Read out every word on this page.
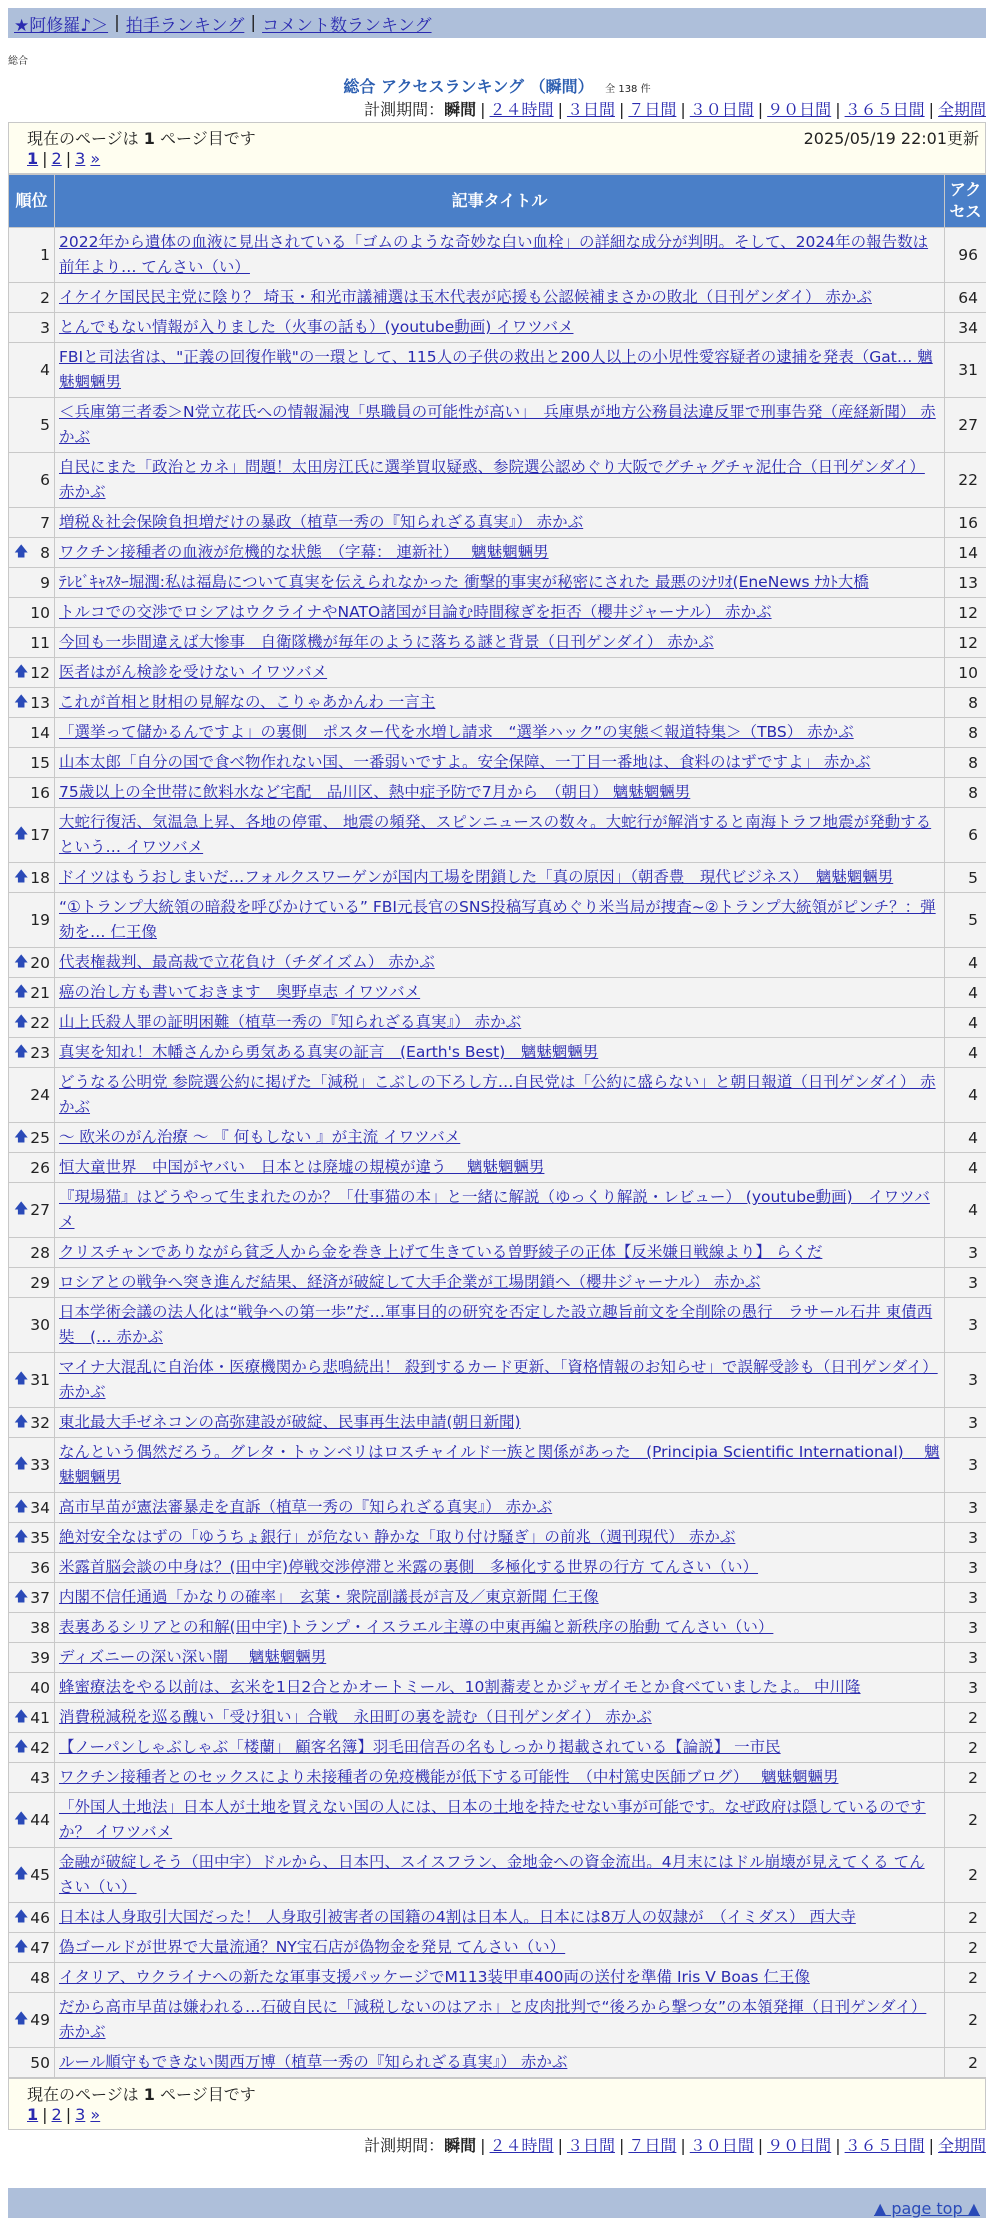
★阿修羅♪＞ | 拍手ランキング | コメント数ランキング
総合
総合 アクセスランキング （瞬間） 全 138 件
計測期間：瞬間 | ２４時間 | ３日間 | ７日間 | ３０日間 | ９０日間 | ３６５日間 | 全期間
現在のページは 1 ページ目です	2025/05/19 22:01更新
1 | 2 | 3 »
順位	記事タイトル	アクセス
1	2022年から遺体の血液に見出されている「ゴムのような奇妙な白い血栓」の詳細な成分が判明。そして、2024年の報告数は前年より… てんさい（い）	96
2	イケイケ国民民主党に陰り？ 埼玉・和光市議補選は玉木代表が応援も公認候補まさかの敗北（日刊ゲンダイ） 赤かぶ	64
3	とんでもない情報が入りました（火事の話も）(youtube動画) イワツバメ	34
4	FBIと司法省は、"正義の回復作戦"の一環として、115人の子供の救出と200人以上の小児性愛容疑者の逮捕を発表（Gat… 魑魅魍魎男	31
5	＜兵庫第三者委＞N党立花氏への情報漏洩「県職員の可能性が高い」　兵庫県が地方公務員法違反罪で刑事告発（産経新聞） 赤かぶ	27
6	自民にまた「政治とカネ」問題！太田房江氏に選挙買収疑惑、参院選公認めぐり大阪でグチャグチャ泥仕合（日刊ゲンダイ） 赤かぶ	22
7	増税＆社会保険負担増だけの暴政（植草一秀の『知られざる真実』） 赤かぶ	16

🡅 8	ワクチン接種者の血液が危機的な状態　（字幕： 連新社）　 魑魅魍魎男	14
9	ﾃﾚﾋﾞｷｬｽﾀｰ堀潤:私は福島について真実を伝えられなかった 衝撃的事実が秘密にされた 最悪のｼﾅﾘｵ(EneNews ﾅｶﾄ大橋	13
10	トルコでの交渉でロシアはウクライナやNATO諸国が目論む時間稼ぎを拒否（櫻井ジャーナル） 赤かぶ	12
11	今回も一歩間違えば大惨事　自衛隊機が毎年のように落ちる謎と背景（日刊ゲンダイ） 赤かぶ	12

🡅 12	医者はがん検診を受けない イワツバメ	10

🡅 13	これが首相と財相の見解なの、こりゃあかんわ 一言主	8
14	「選挙って儲かるんですよ」の裏側　ポスター代を水増し請求　“選挙ハック”の実態＜報道特集＞（TBS） 赤かぶ	8
15	山本太郎「自分の国で食べ物作れない国、一番弱いですよ。安全保障、一丁目一番地は、食料のはずですよ」 赤かぶ	8
16	75歳以上の全世帯に飲料水など宅配　品川区、熱中症予防で7月から　（朝日） 魑魅魍魎男	8

🡅 17	大蛇行復活、気温急上昇、各地の停電、 地震の頻発、スピンニュースの数々。大蛇行が解消すると南海トラフ地震が発動するという… イワツバメ	6

🡅 18	ドイツはもうおしまいだ…フォルクスワーゲンが国内工場を閉鎖した「真の原因」（朝香豊　現代ビジネス）　魑魅魍魎男	5
19	“①トランプ大統領の暗殺を呼びかけている” FBI元長官のSNS投稿写真めぐり米当局が捜査~②トランプ大統領がピンチ？：弾劾を… 仁王像	5

🡅 20	代表権裁判、最高裁で立花負け（チダイズム） 赤かぶ	4

🡅 21	癌の治し方も書いておきます　奥野卓志 イワツバメ	4

🡅 22	山上氏殺人罪の証明困難（植草一秀の『知られざる真実』） 赤かぶ	4

🡅 23	真実を知れ！木幡さんから勇気ある真実の証言　(Earth's Best)　魑魅魍魎男	4
24	どうなる公明党 参院選公約に掲げた「減税」こぶしの下ろし方…自民党は「公約に盛らない」と朝日報道（日刊ゲンダイ） 赤かぶ	4

🡅 25	～ 欧米のがん治療 ～ 『 何もしない 』が主流 イワツバメ	4
26	恒大童世界　中国がヤバい　日本とは廃墟の規模が違う　 魑魅魍魎男	4

🡅 27	『現場猫』はどうやって生まれたのか？「仕事猫の本」と一緒に解説（ゆっくり解説・レビュー） (youtube動画)　イワツバメ	4
28	クリスチャンでありながら貧乏人から金を巻き上げて生きている曽野綾子の正体【反米嫌日戦線より】 らくだ	3
29	ロシアとの戦争へ突き進んだ結果、経済が破綻して大手企業が工場閉鎖へ（櫻井ジャーナル） 赤かぶ	3
30	日本学術会議の法人化は“戦争への第一歩”だ…軍事目的の研究を否定した設立趣旨前文を全削除の愚行　ラサール石井 東債西奘　(… 赤かぶ	3

🡅 31	マイナ大混乱に自治体・医療機関から悲鳴続出！ 殺到するカード更新、「資格情報のお知らせ」で誤解受診も（日刊ゲンダイ） 赤かぶ	3

🡅 32	東北最大手ゼネコンの高弥建設が破綻、民事再生法申請(朝日新聞)	3

🡅 33	なんという偶然だろう。グレタ・トゥンベリはロスチャイルド一族と関係があった　(Principia Scientific International)　 魑魅魍魎男	3

🡅 34	高市早苗が憲法審暴走を直訴（植草一秀の『知られざる真実』） 赤かぶ	3

🡅 35	絶対安全なはずの「ゆうちょ銀行」が危ない 静かな「取り付け騒ぎ」の前兆（週刊現代） 赤かぶ	3
36	米露首脳会談の中身は？(田中宇)停戦交渉停滞と米露の裏側　多極化する世界の行方 てんさい（い）	3

🡅 37	内閣不信任通過「かなりの確率」　玄葉・衆院副議長が言及／東京新聞 仁王像	3
38	表裏あるシリアとの和解(田中宇)トランプ・イスラエル主導の中東再編と新秩序の胎動 てんさい（い）	3
39	ディズニーの深い深い闇　 魑魅魍魎男	3
40	蜂蜜療法をやる以前は、玄米を1日2合とかオートミール、10割蕎麦とかジャガイモとか食べていましたよ。 中川隆	3

🡅 41	消費税減税を巡る醜い「受け狙い」合戦　永田町の裏を読む（日刊ゲンダイ） 赤かぶ	2

🡅 42	【ノーパンしゃぶしゃぶ「楼蘭」 顧客名簿】羽毛田信吾の名もしっかり掲載されている【論説】 一市民	2
43	ワクチン接種者とのセックスにより未接種者の免疫機能が低下する可能性　（中村篤史医師ブログ）　 魑魅魍魎男	2

🡅 44	「外国人土地法」日本人が土地を買えない国の人には、日本の土地を持たせない事が可能です。なぜ政府は隠しているのですか？ イワツバメ	2

🡅 45	金融が破綻しそう（田中宇）ドルから、日本円、スイスフラン、金地金への資金流出。4月末にはドル崩壊が見えてくる てんさい（い）	2

🡅 46	日本は人身取引大国だった！ 人身取引被害者の国籍の4割は日本人。日本には8万人の奴隷が　（イミダス） 西大寺	2

🡅 47	偽ゴールドが世界で大量流通？NY宝石店が偽物金を発見 てんさい（い）	2
48	イタリア、ウクライナへの新たな軍事支援パッケージでM113装甲車400両の送付を準備 Iris V Boas 仁王像	2

🡅 49	だから高市早苗は嫌われる…石破自民に「減税しないのはアホ」と皮肉批判で“後ろから撃つ女”の本領発揮（日刊ゲンダイ） 赤かぶ	2
50	ルール順守もできない関西万博（植草一秀の『知られざる真実』） 赤かぶ	2
現在のページは 1 ページ目です
1 | 2 | 3 »
計測期間：瞬間 | ２４時間 | ３日間 | ７日間 | ３０日間 | ９０日間 | ３６５日間 | 全期間
▲ page top ▲
